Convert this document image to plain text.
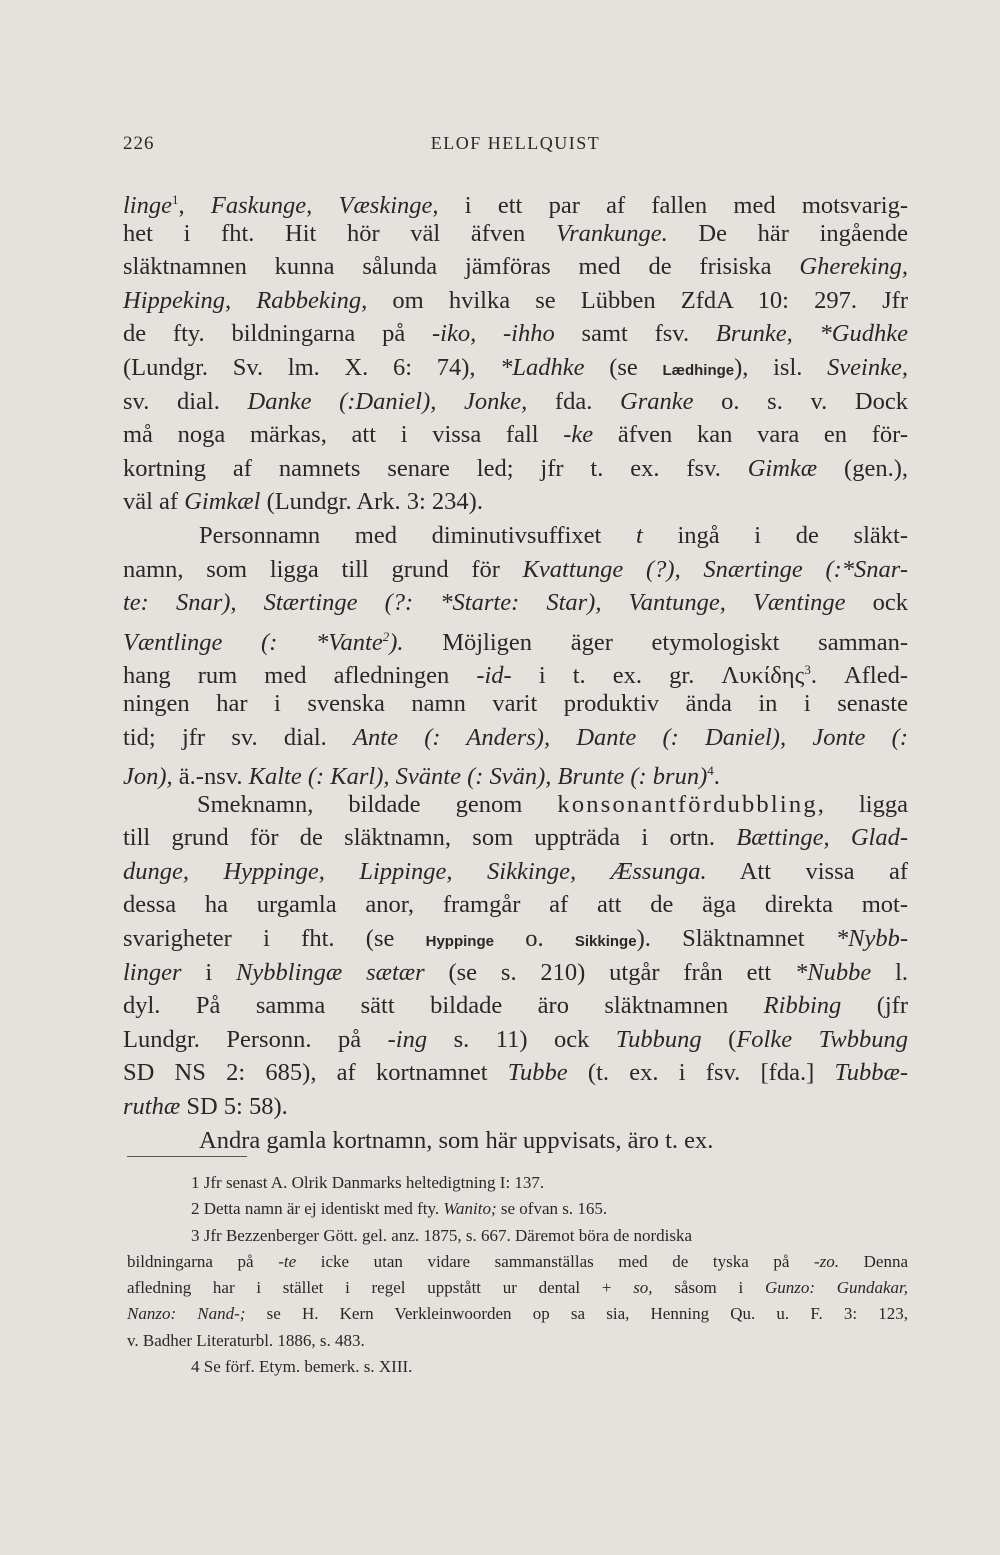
226	ELOF HELLQUIST
linge$^1$, Faskunge, Væskinge, i ett par af fallen med motsvarig-
het i fht. Hit hör väl äfven Vrankunge. De här ingående
släktnamnen kunna sålunda jämföras med de frisiska Ghereking,
Hippeking, Rabbeking, om hvilka se Lübben ZfdA 10: 297. Jfr
de fty. bildningarna på -iko, -ihho samt fsv. Brunke, *Gudhke
(Lundgr. Sv. lm. X. 6: 74), *Ladhke (se Lædhinge), isl. Sveinke,
sv. dial. Danke (:Daniel), Jonke, fda. Granke o. s. v. Dock
må noga märkas, att i vissa fall -ke äfven kan vara en för-
kortning af namnets senare led; jfr t. ex. fsv. Gimkæ (gen.),
väl af Gimkæl (Lundgr. Ark. 3: 234).
Personnamn med diminutivsuffixet t ingå i de släkt-
namn, som ligga till grund för Kvattunge (?), Snærtinge (:*Snar-
te: Snar), Stærtinge (?: *Starte: Star), Vantunge, Væntinge ock
Væntlinge (: *Vante$^2$). Möjligen äger etymologiskt samman-
hang rum med afledningen -id- i t. ex. gr. Λυκίδης$^3$. Afled-
ningen har i svenska namn varit produktiv ända in i senaste
tid; jfr sv. dial. Ante (: Anders), Dante (: Daniel), Jonte (:
Jon), ä.-nsv. Kalte (: Karl), Svänte (: Svän), Brunte (: brun)$^4$.
Smeknamn, bildade genom konsonantfördubbling, ligga
till grund för de släktnamn, som uppträda i ortn. Bættinge, Glad-
dunge, Hyppinge, Lippinge, Sikkinge, Æssunga. Att vissa af
dessa ha urgamla anor, framgår af att de äga direkta mot-
svarigheter i fht. (se Hyppinge o. Sikkinge). Släktnamnet *Nybb-
linger i Nybblingæ sætær (se s. 210) utgår från ett *Nubbe l.
dyl. På samma sätt bildade äro släktnamnen Ribbing (jfr
Lundgr. Personn. på -ing s. 11) ock Tubbung (Folke Twbbung
SD NS 2: 685), af kortnamnet Tubbe (t. ex. i fsv. [fda.] Tubbæ-
ruthæ SD 5: 58).
Andra gamla kortnamn, som här uppvisats, äro t. ex.
1 Jfr senast A. Olrik Danmarks heltedigtning I: 137.
2 Detta namn är ej identiskt med fty. Wanito; se ofvan s. 165.
3 Jfr Bezzenberger Gött. gel. anz. 1875, s. 667. Däremot böra de nordiska
bildningarna på -te icke utan vidare sammanställas med de tyska på -zo. Denna
afledning har i stället i regel uppstått ur dental + so, såsom i Gunzo: Gundakar,
Nanzo: Nand-; se H. Kern Verkleinwoorden op sa sia, Henning Qu. u. F. 3: 123,
v. Badher Literaturbl. 1886, s. 483.
4 Se förf. Etym. bemerk. s. XIII.
